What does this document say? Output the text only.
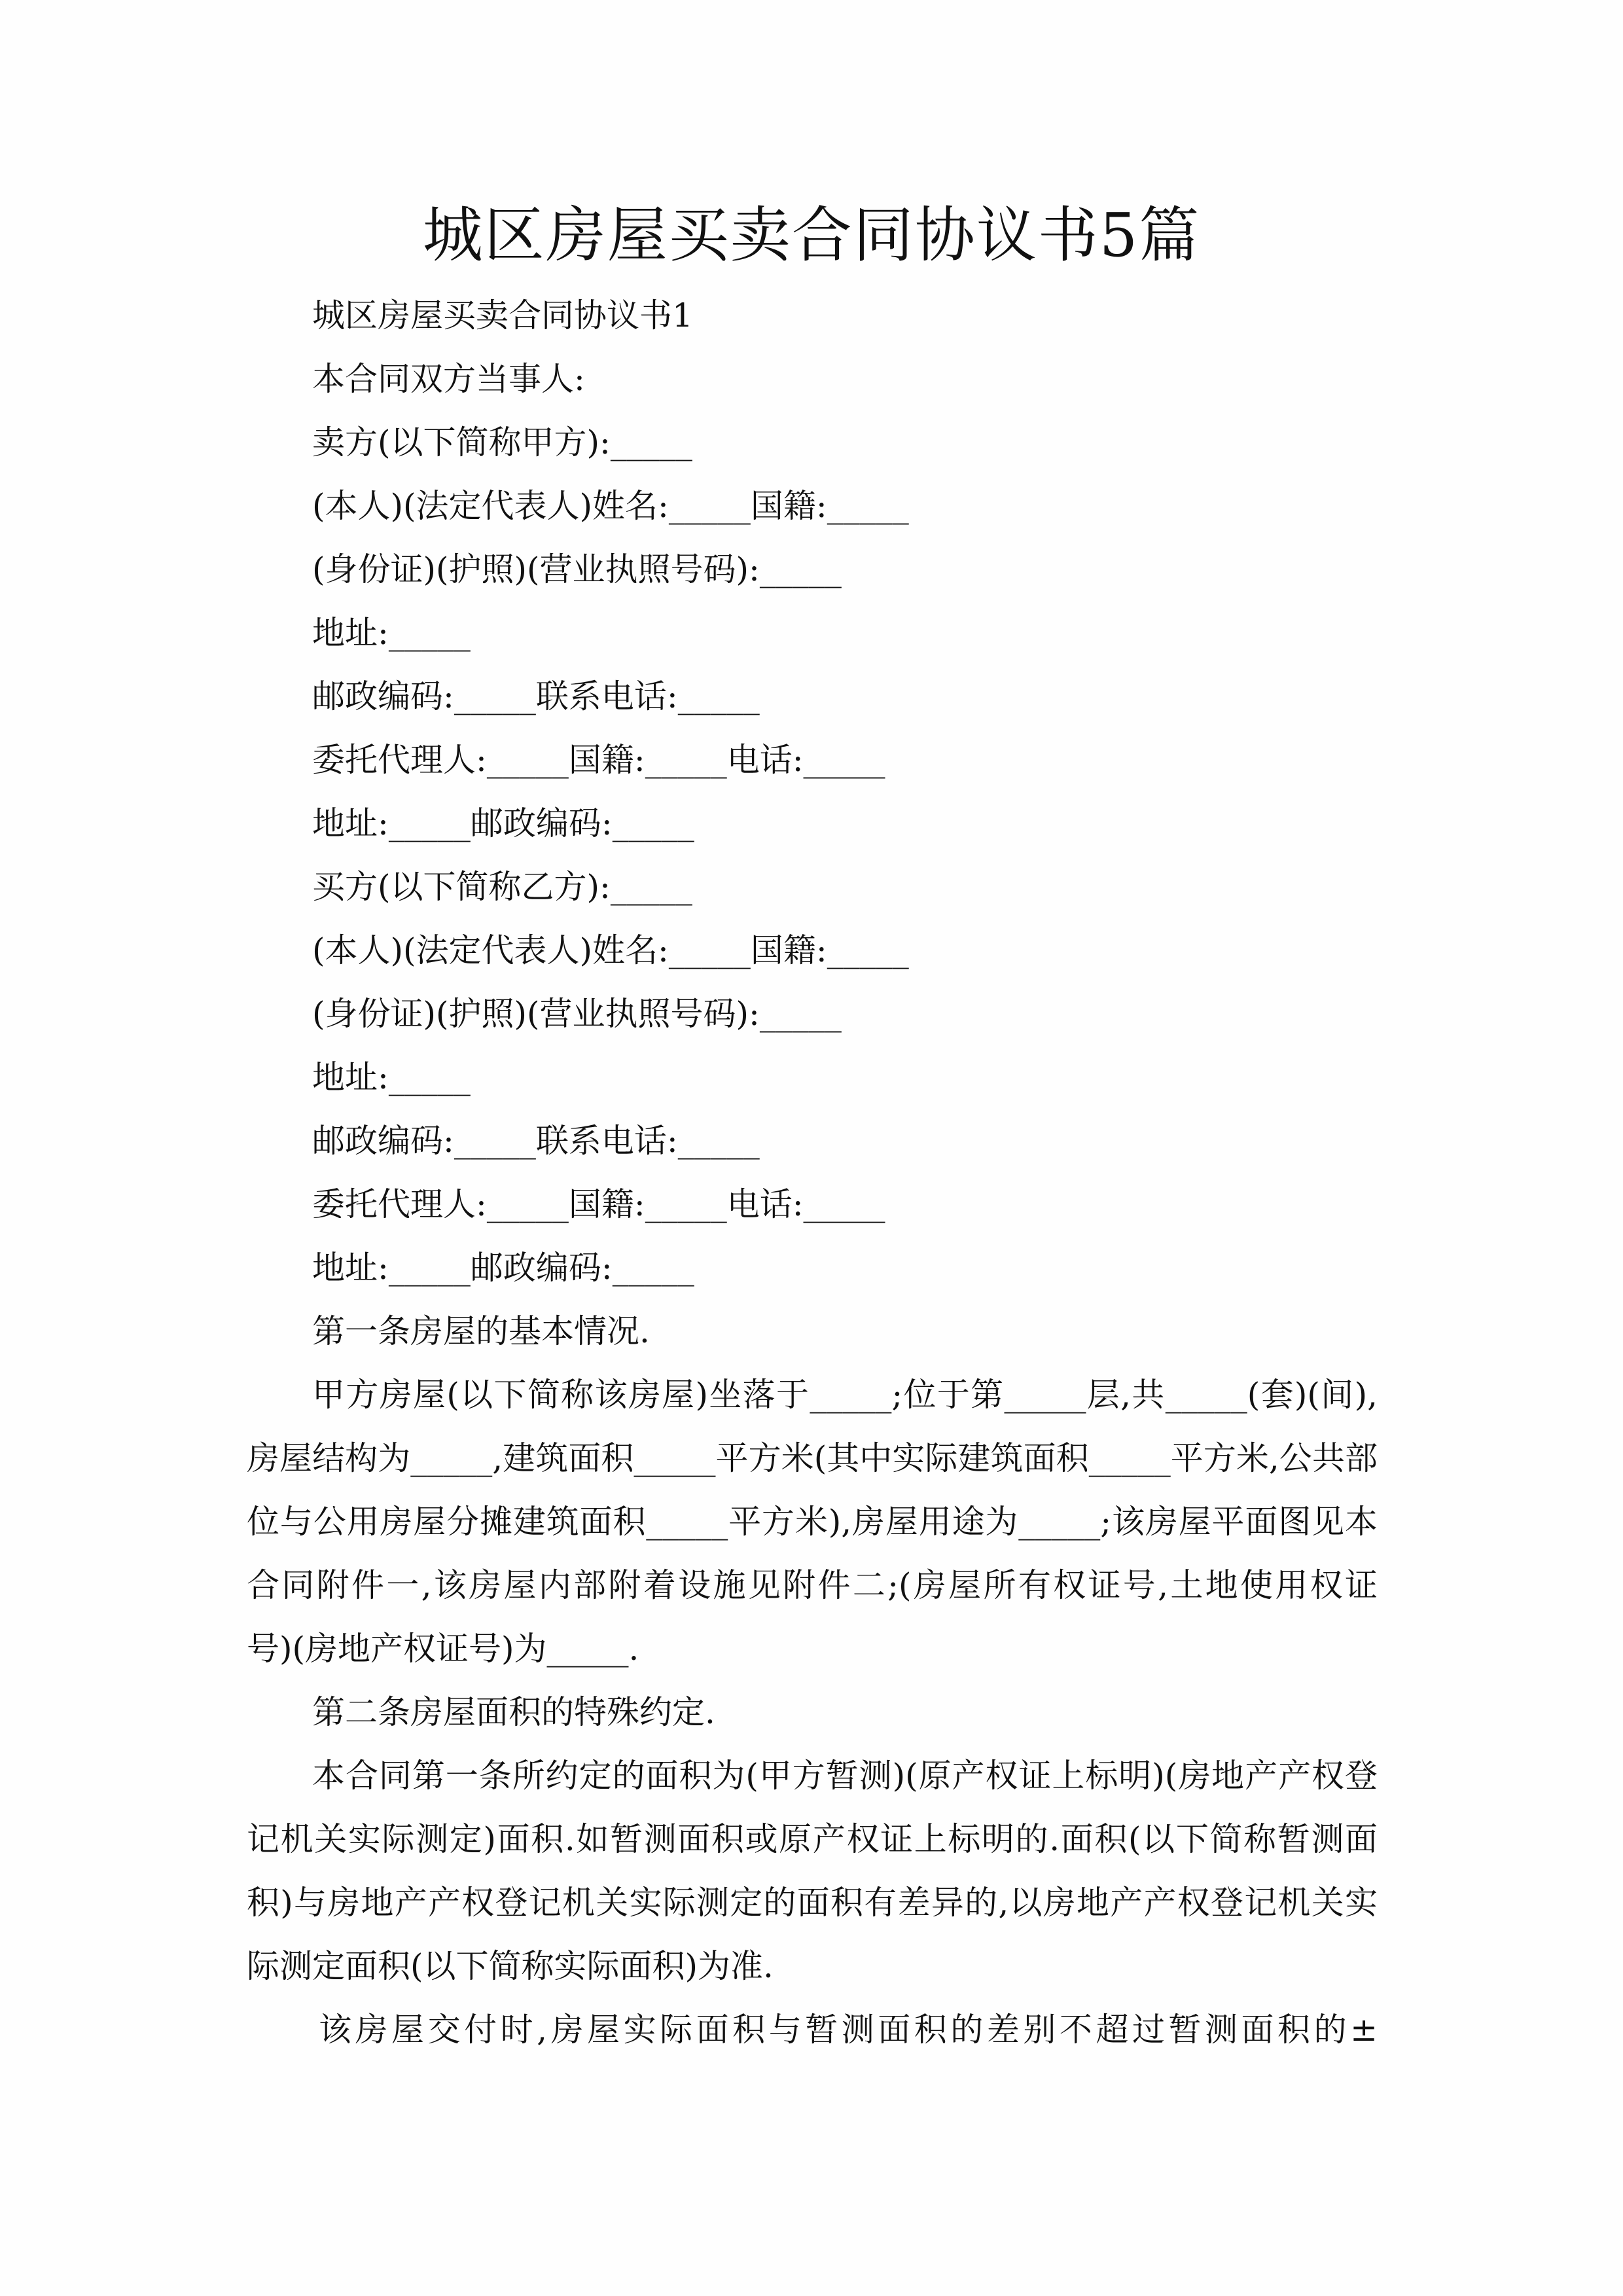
城区房屋买卖合同协议书5篇
城区房屋买卖合同协议书1
本合同双方当事人:
卖方(以下简称甲方):_____
(本人)(法定代表人)姓名:_____国籍:_____
(身份证)(护照)(营业执照号码):_____
地址:_____
邮政编码:_____联系电话:_____
委托代理人:_____国籍:_____电话:_____
地址:_____邮政编码:_____
买方(以下简称乙方):_____
(本人)(法定代表人)姓名:_____国籍:_____
(身份证)(护照)(营业执照号码):_____
地址:_____
邮政编码:_____联系电话:_____
委托代理人:_____国籍:_____电话:_____
地址:_____邮政编码:_____
第一条房屋的基本情况.
甲方房屋(以下简称该房屋)坐落于_____;位于第_____层,共_____(套)(间),
房屋结构为_____,建筑面积_____平方米(其中实际建筑面积_____平方米,公共部
位与公用房屋分摊建筑面积_____平方米),房屋用途为_____;该房屋平面图见本
合同附件一,该房屋内部附着设施见附件二;(房屋所有权证号,土地使用权证
号)(房地产权证号)为_____.
第二条房屋面积的特殊约定.
本合同第一条所约定的面积为(甲方暂测)(原产权证上标明)(房地产产权登
记机关实际测定)面积.如暂测面积或原产权证上标明的.面积(以下简称暂测面
积)与房地产产权登记机关实际测定的面积有差异的,以房地产产权登记机关实
际测定面积(以下简称实际面积)为准.
该房屋交付时,房屋实际面积与暂测面积的差别不超过暂测面积的±
